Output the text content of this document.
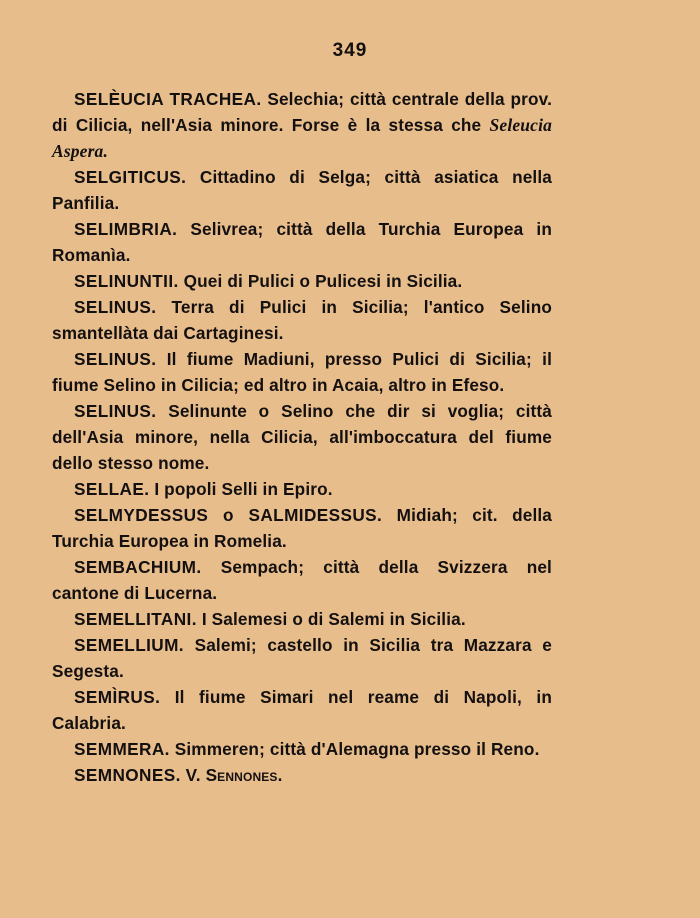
349

SELÈUCIA TRACHEA. Selechia; città centrale della prov. di Cilicia, nell'Asia minore. Forse è la stessa che Seleucia Aspera.

SELGITICUS. Cittadino di Selga; città asiatica nella Panfilia.

SELIMBRIA. Selivrea; città della Turchia Europea in Romanìa.

SELINUNTII. Quei di Pulici o Pulicesi in Sicilia.

SELINUS. Terra di Pulici in Sicilia; l'antico Selino smantellàta dai Cartaginesi.

SELINUS. Il fiume Madiuni, presso Pulici di Sicilia; il fiume Selino in Cilicia; ed altro in Acaia, altro in Efeso.

SELINUS. Selinunte o Selino che dir si voglia; città dell'Asia minore, nella Cilicia, all'imboccatura del fiume dello stesso nome.

SELLAE. I popoli Selli in Epiro.

SELMYDESSUS o SALMIDESSUS. Midiah; cit. della Turchia Europea in Romelia.

SEMBACHIUM. Sempach; città della Svizzera nel cantone di Lucerna.

SEMELLITANI. I Salemesi o di Salemi in Sicilia.

SEMELLIUM. Salemi; castello in Sicilia tra Mazzara e Segesta.

SEMÌRUS. Il fiume Simari nel reame di Napoli, in Calabria.

SEMMERA. Simmeren; città d'Alemagna presso il Reno.

SEMNONES. V. Sennones.
